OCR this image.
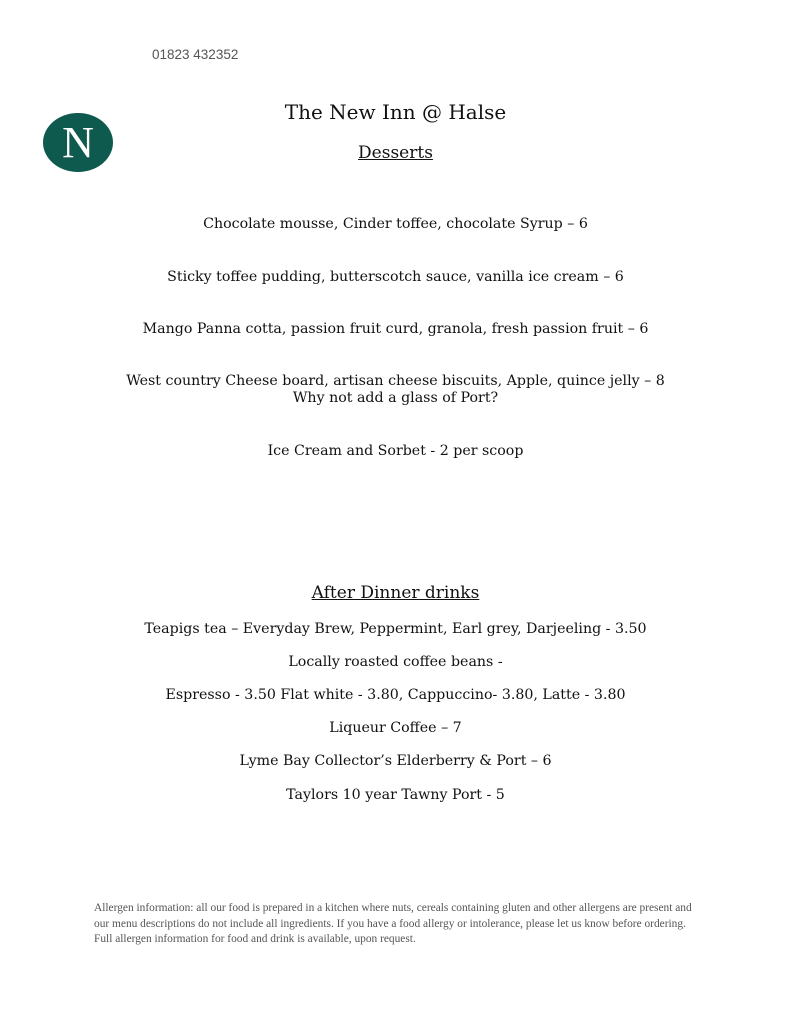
01823 432352
N
The New Inn @ Halse
Desserts
Chocolate mousse, Cinder toffee, chocolate Syrup – 6
Sticky toffee pudding, butterscotch sauce, vanilla ice cream – 6
Mango Panna cotta, passion fruit curd, granola, fresh passion fruit – 6
West country Cheese board, artisan cheese biscuits, Apple, quince jelly – 8
Why not add a glass of Port?
Ice Cream and Sorbet - 2 per scoop
After Dinner drinks
Teapigs tea – Everyday Brew, Peppermint, Earl grey, Darjeeling - 3.50
Locally roasted coffee beans -
Espresso - 3.50 Flat white - 3.80, Cappuccino- 3.80, Latte - 3.80
Liqueur Coffee – 7
Lyme Bay Collector’s Elderberry & Port – 6
Taylors 10 year Tawny Port - 5
Allergen information: all our food is prepared in a kitchen where nuts, cereals containing gluten and other allergens are present and our menu descriptions do not include all ingredients. If you have a food allergy or intolerance, please let us know before ordering. Full allergen information for food and drink is available, upon request.
